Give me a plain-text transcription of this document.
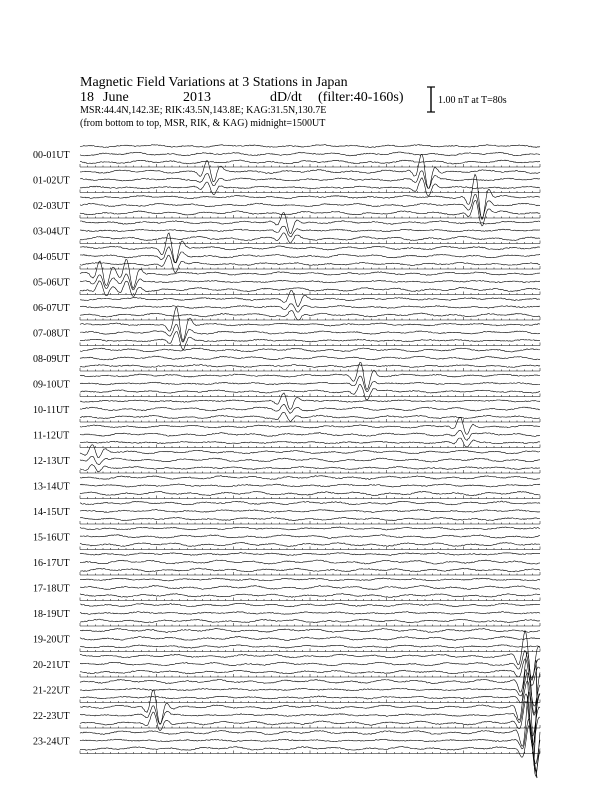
Magnetic Field Variations at 3 Stations in Japan
18 June	2013	dD/dt (filter:40-160s)
MSR:44.4N,142.3E; RIK:43.5N,143.8E; KAG:31.5N,130.7E
(from bottom to top, MSR, RIK, & KAG) midnight=1500UT
1.00 nT at T=80s
00-01UT
01-02UT
02-03UT
03-04UT
04-05UT
05-06UT
06-07UT
07-08UT
08-09UT
09-10UT
10-11UT
11-12UT
12-13UT
13-14UT
14-15UT
15-16UT
16-17UT
17-18UT
18-19UT
19-20UT
20-21UT
21-22UT
22-23UT
23-24UT
